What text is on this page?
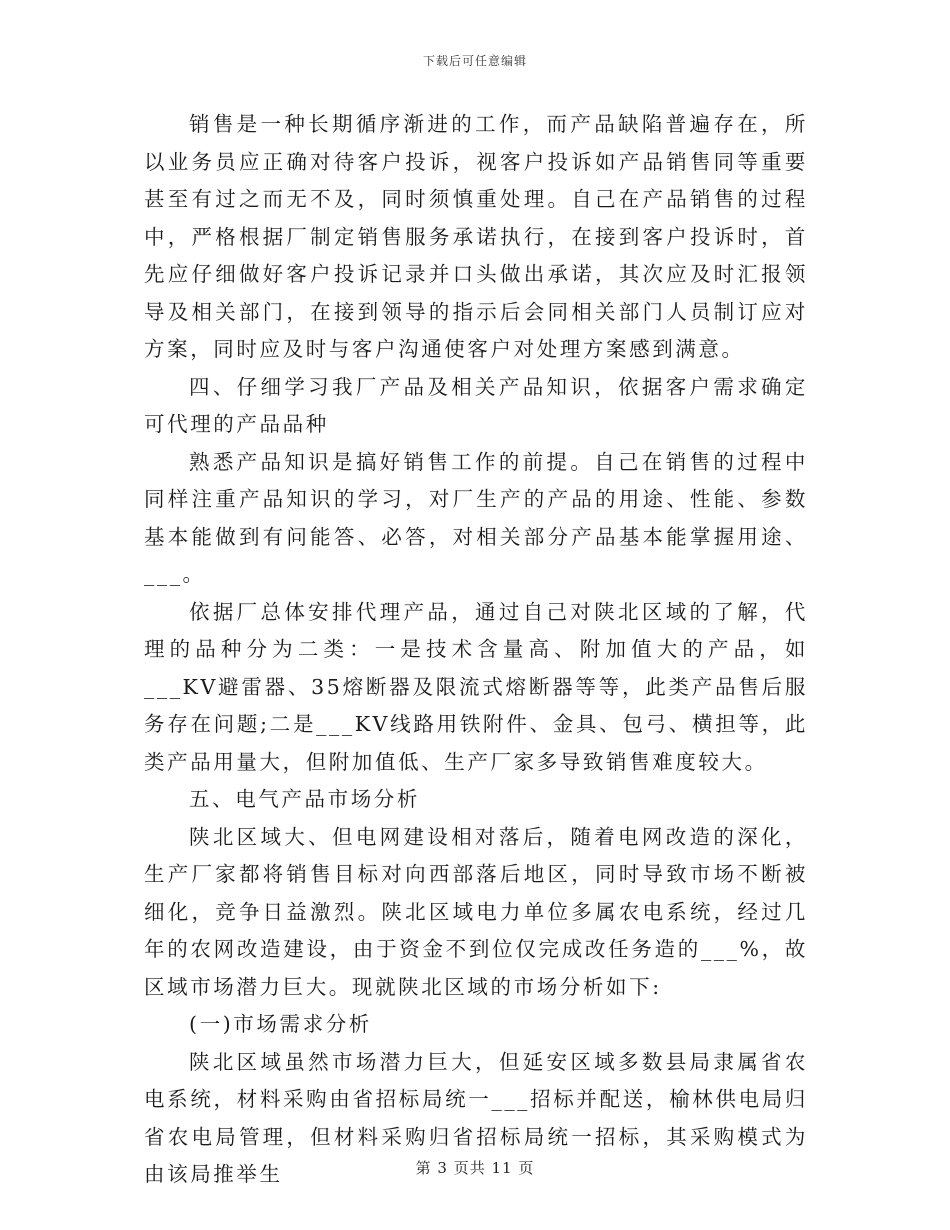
下载后可任意编辑

销售是一种长期循序渐进的工作，而产品缺陷普遍存在，所以业务员应正确对待客户投诉，视客户投诉如产品销售同等重要甚至有过之而无不及，同时须慎重处理。自己在产品销售的过程中，严格根据厂制定销售服务承诺执行，在接到客户投诉时，首先应仔细做好客户投诉记录并口头做出承诺，其次应及时汇报领导及相关部门，在接到领导的指示后会同相关部门人员制订应对方案，同时应及时与客户沟通使客户对处理方案感到满意。

四、仔细学习我厂产品及相关产品知识，依据客户需求确定可代理的产品品种

熟悉产品知识是搞好销售工作的前提。自己在销售的过程中同样注重产品知识的学习，对厂生产的产品的用途、性能、参数基本能做到有问能答、必答，对相关部分产品基本能掌握用途、___。

依据厂总体安排代理产品，通过自己对陕北区域的了解，代理的品种分为二类：一是技术含量高、附加值大的产品，如___KV避雷器、35熔断器及限流式熔断器等等，此类产品售后服务存在问题;二是___KV线路用铁附件、金具、包弓、横担等，此类产品用量大，但附加值低、生产厂家多导致销售难度较大。

五、电气产品市场分析

陕北区域大、但电网建设相对落后，随着电网改造的深化，生产厂家都将销售目标对向西部落后地区，同时导致市场不断被细化，竞争日益激烈。陕北区域电力单位多属农电系统，经过几年的农网改造建设，由于资金不到位仅完成改任务造的___%，故区域市场潜力巨大。现就陕北区域的市场分析如下:

(一)市场需求分析

陕北区域虽然市场潜力巨大，但延安区域多数县局隶属省农电系统，材料采购由省招标局统一___招标并配送，榆林供电局归省农电局管理，但材料采购归省招标局统一招标，其采购模式为由该局推举生	第 3 页共 11 页
